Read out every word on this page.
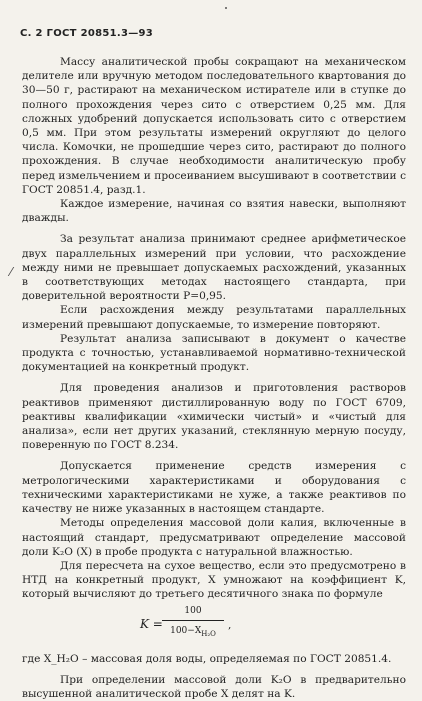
С. 2 ГОСТ 20851.3—93
⁄

Массу аналитической пробы сокращают на механическом делителе или вручную методом последовательного квартования до 30—50 г, растирают на механическом истирателе или в ступке до полного прохождения через сито с отверстием 0,25 мм. Для сложных удобрений допускается использовать сито с отверстием 0,5 мм. При этом результаты измерений округляют до целого числа. Комочки, не прошедшие через сито, растирают до полного прохождения. В случае необходимости аналитическую пробу перед измельчением и просеиванием высушивают в соответствии с ГОСТ 20851.4, разд.1.

Каждое измерение, начиная со взятия навески, выполняют дважды.

За результат анализа принимают среднее арифметическое двух параллельных измерений при условии, что расхождение между ними не превышает допускаемых расхождений, указанных в соответствующих методах настоящего стандарта, при доверительной вероятности Р=0,95.

Если расхождения между результатами параллельных измерений превышают допускаемые, то измерение повторяют.

Результат анализа записывают в документ о качестве продукта с точностью, устанавливаемой нормативно-технической документацией на конкретный продукт.

Для проведения анализов и приготовления растворов реактивов применяют дистиллированную воду по ГОСТ 6709, реактивы квалификации «химически чистый» и «чистый для анализа», если нет других указаний, стеклянную мерную посуду, поверенную по ГОСТ 8.234.

Допускается применение средств измерения с метрологическими характеристиками и оборудования с техническими характеристиками не хуже, а также реактивов по качеству не ниже указанных в настоящем стандарте.

Методы определения массовой доли калия, включенные в настоящий стандарт, предусматривают определение массовой доли K₂O (X) в пробе продукта с натуральной влажностью.

Для пересчета на сухое вещество, если это предусмотрено в НТД на конкретный продукт, X умножают на коэффициент K, который вычисляют до третьего десятичного знака по формуле

$K = \frac{100}{100-X_{H_2O}}$ ,

где X_H₂O – массовая доля воды, определяемая по ГОСТ 20851.4.

При определении массовой доли K₂O в предварительно высушенной аналитической пробе X делят на K.
